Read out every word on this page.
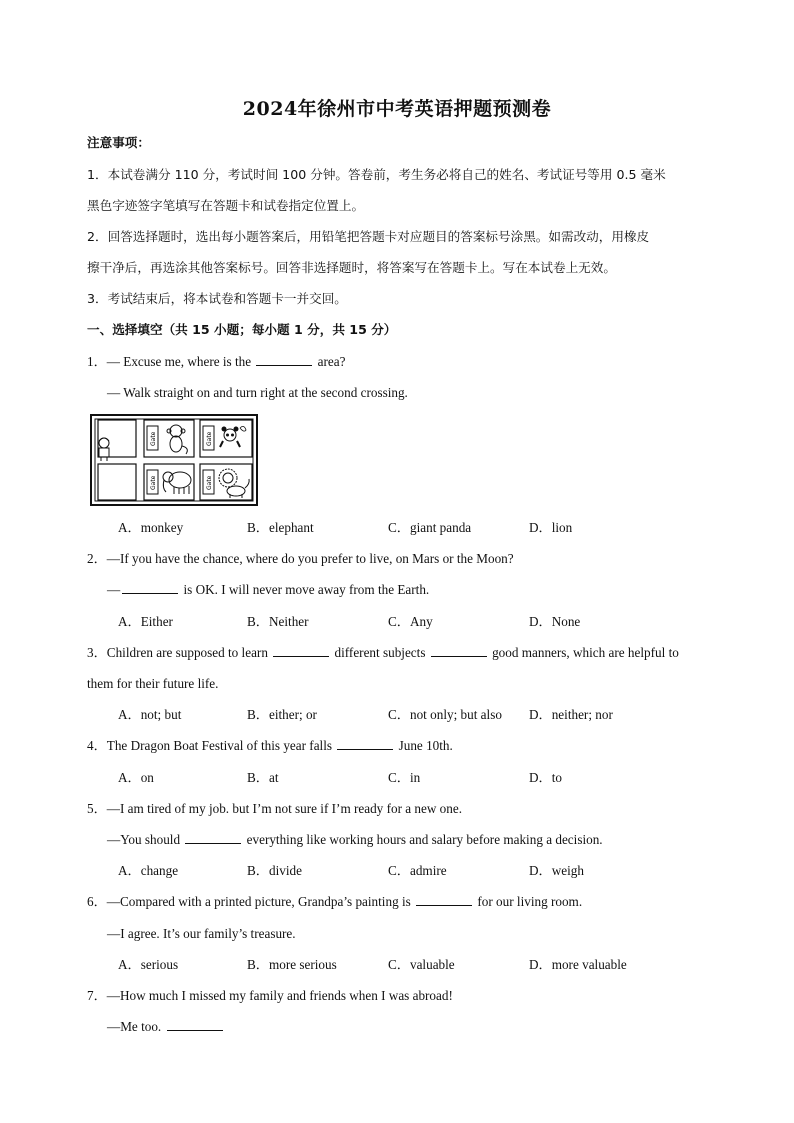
2024年徐州市中考英语押题预测卷
注意事项：
1．本试卷满分 110 分，考试时间 100 分钟。答卷前，考生务必将自己的姓名、考试证号等用 0.5 毫米
黑色字迹签字笔填写在答题卡和试卷指定位置上。
2．回答选择题时，选出每小题答案后，用铅笔把答题卡对应题目的答案标号涂黑。如需改动，用橡皮
擦干净后，再选涂其他答案标号。回答非选择题时，将答案写在答题卡上。写在本试卷上无效。
3．考试结束后，将本试卷和答题卡一并交回。
一、选择填空（共 15 小题；每小题 1 分，共 15 分）
1．— Excuse me, where is the	area?
— Walk straight on and turn right at the second crossing.
Gate	Gate
Gate	Gate
A．monkey	B．elephant	C．giant panda	D．lion
2．—If you have the chance, where do you prefer to live, on Mars or the Moon?
—	is OK. I will never move away from the Earth.
A．Either	B．Neither	C．Any	D．None
3．Children are supposed to learn	different subjects	good manners, which are helpful to
them for their future life.
A．not; but	B．either; or	C．not only; but also D．neither; nor
4．The Dragon Boat Festival of this year falls	June 10th.
A．on	B．at	C．in	D．to
5．—I am tired of my job. but I’m not sure if I’m ready for a new one.
—You should	everything like working hours and salary before making a decision.
A．change	B．divide	C．admire	D．weigh
6．—Compared with a printed picture, Grandpa’s painting is	for our living room.
—I agree. It’s our family’s treasure.
A．serious	B．more serious	C．valuable	D．more valuable
7．—How much I missed my family and friends when I was abroad!
—Me too.
